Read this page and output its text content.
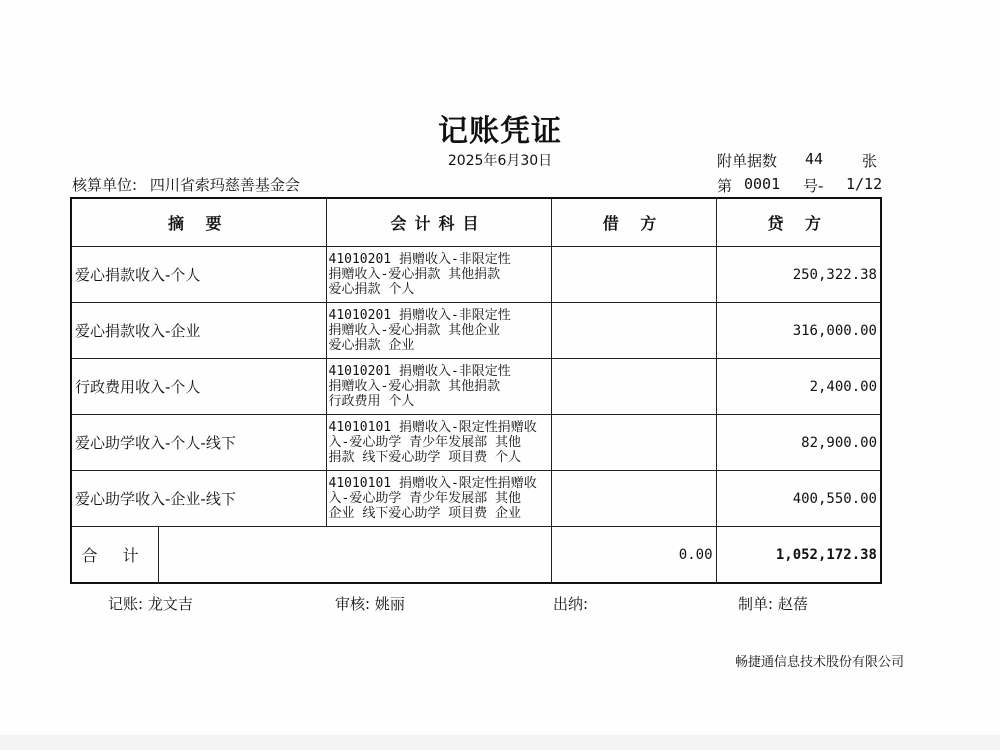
记账凭证
2025年6月30日
核算单位: 四川省索玛慈善基金会
附单据数 44	张
第 0001 号- 1/12
摘 要	会计科目	借 方	贷 方
爱心捐款收入-个人	41010201 捐赠收入-非限定性
捐赠收入-爱心捐款 其他捐款
爱心捐款 个人		250,322.38
爱心捐款收入-企业	41010201 捐赠收入-非限定性
捐赠收入-爱心捐款 其他企业
爱心捐款 企业		316,000.00
行政费用收入-个人	41010201 捐赠收入-非限定性
捐赠收入-爱心捐款 其他捐款
行政费用 个人		2,400.00
爱心助学收入-个人-线下	41010101 捐赠收入-限定性捐赠收
入-爱心助学 青少年发展部 其他
捐款 线下爱心助学 项目费 个人		82,900.00
爱心助学收入-企业-线下	41010101 捐赠收入-限定性捐赠收
入-爱心助学 青少年发展部 其他
企业 线下爱心助学 项目费 企业		400,550.00

合 计		0.00	1,052,172.38
记账: 龙文吉	审核: 姚丽	出纳:	制单: 赵蓓
畅捷通信息技术股份有限公司
